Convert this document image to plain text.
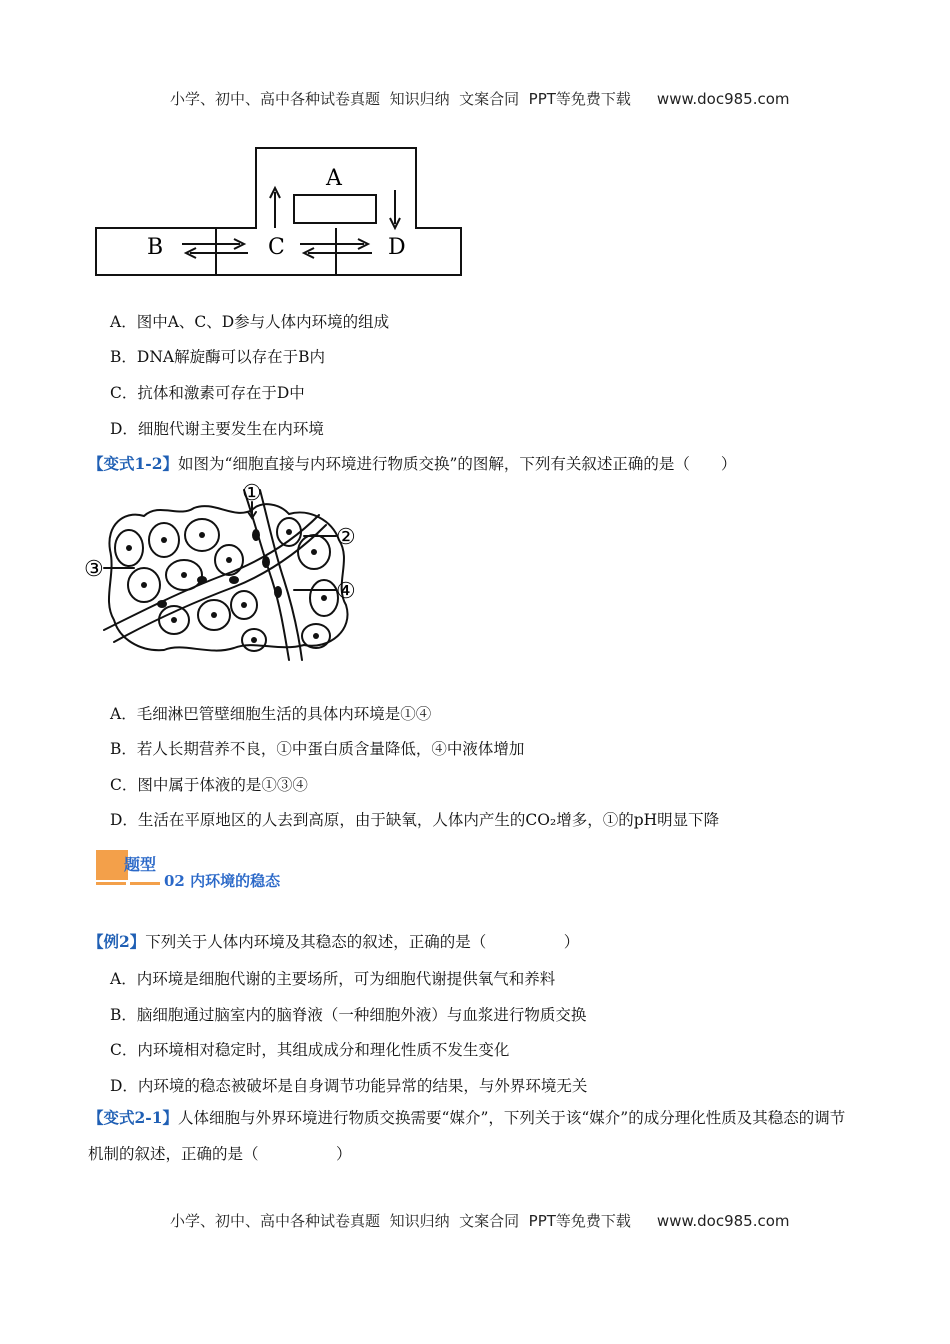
小学、初中、高中各种试卷真题  知识归纳  文案合同  PPT等免费下载 www.doc985.com

A
B	C	D
A．图中A、C、D参与人体内环境的组成
B．DNA解旋酶可以存在于B内
C．抗体和激素可存在于D中
D．细胞代谢主要发生在内环境
【变式1-2】如图为“细胞直接与内环境进行物质交换”的图解，下列有关叙述正确的是（　　）
①
②
③
④
A．毛细淋巴管壁细胞生活的具体内环境是①④
B．若人长期营养不良，①中蛋白质含量降低，④中液体增加
C．图中属于体液的是①③④
D．生活在平原地区的人去到高原，由于缺氧，人体内产生的CO₂增多，①的pH明显下降
题型
02 内环境的稳态
【例2】下列关于人体内环境及其稳态的叙述，正确的是（　　　　　）
A．内环境是细胞代谢的主要场所，可为细胞代谢提供氧气和养料
B．脑细胞通过脑室内的脑脊液（一种细胞外液）与血浆进行物质交换
C．内环境相对稳定时，其组成成分和理化性质不发生变化
D．内环境的稳态被破坏是自身调节功能异常的结果，与外界环境无关
【变式2-1】人体细胞与外界环境进行物质交换需要“媒介”，下列关于该“媒介”的成分理化性质及其稳态的调节机制的叙述，正确的是（　　　　　）

小学、初中、高中各种试卷真题  知识归纳  文案合同  PPT等免费下载 www.doc985.com
